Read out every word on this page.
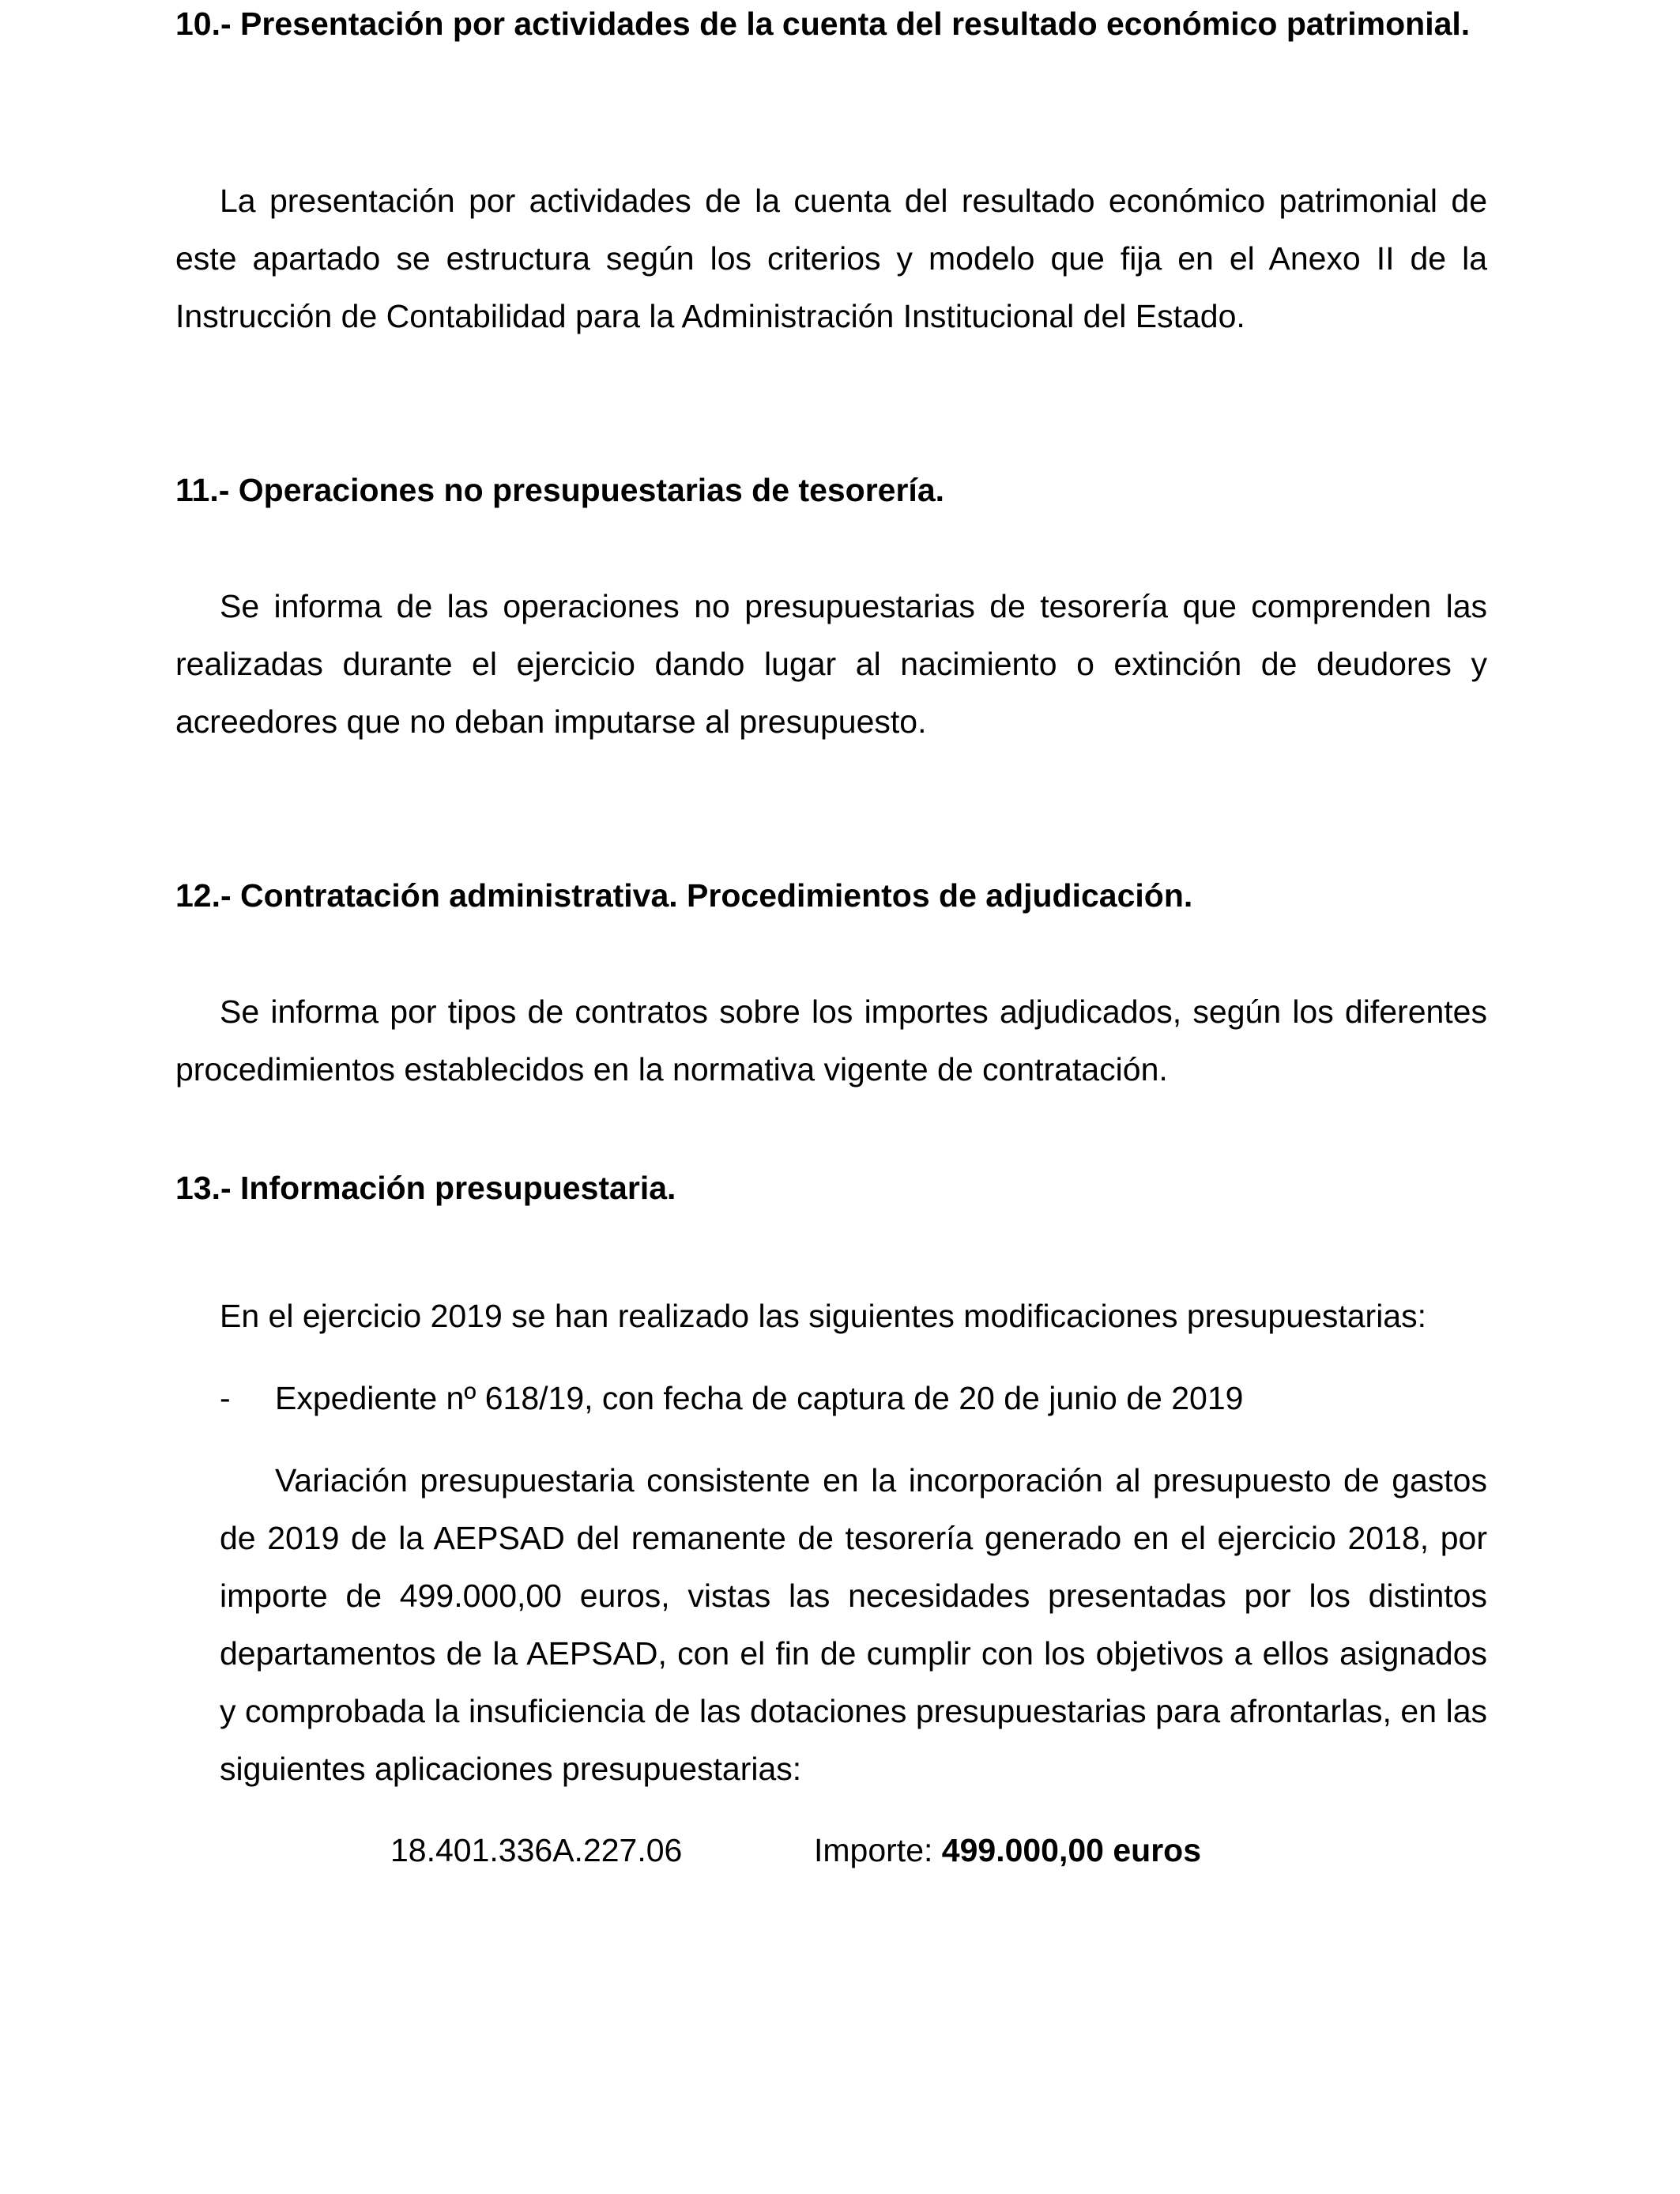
10.- Presentación por actividades de la cuenta del resultado económico patrimonial.

La presentación por actividades de la cuenta del resultado económico patrimonial de este apartado se estructura según los criterios y modelo que fija en el Anexo II de la Instrucción de Contabilidad para la Administración Institucional del Estado.

11.- Operaciones no presupuestarias de tesorería.

Se informa de las operaciones no presupuestarias de tesorería que comprenden las realizadas durante el ejercicio dando lugar al nacimiento o extinción de deudores y acreedores que no deban imputarse al presupuesto.

12.- Contratación administrativa. Procedimientos de adjudicación.

Se informa por tipos de contratos sobre los importes adjudicados, según los diferentes procedimientos establecidos en la normativa vigente de contratación.

13.- Información presupuestaria.

En el ejercicio 2019 se han realizado las siguientes modificaciones presupuestarias:

- Expediente nº 618/19, con fecha de captura de 20 de junio de 2019

Variación presupuestaria consistente en la incorporación al presupuesto de gastos de 2019 de la AEPSAD del remanente de tesorería generado en el ejercicio 2018, por importe de 499.000,00 euros, vistas las necesidades presentadas por los distintos departamentos de la AEPSAD, con el fin de cumplir con los objetivos a ellos asignados y comprobada la insuficiencia de las dotaciones presupuestarias para afrontarlas, en las siguientes aplicaciones presupuestarias:

18.401.336A.227.06	Importe: 499.000,00 euros
